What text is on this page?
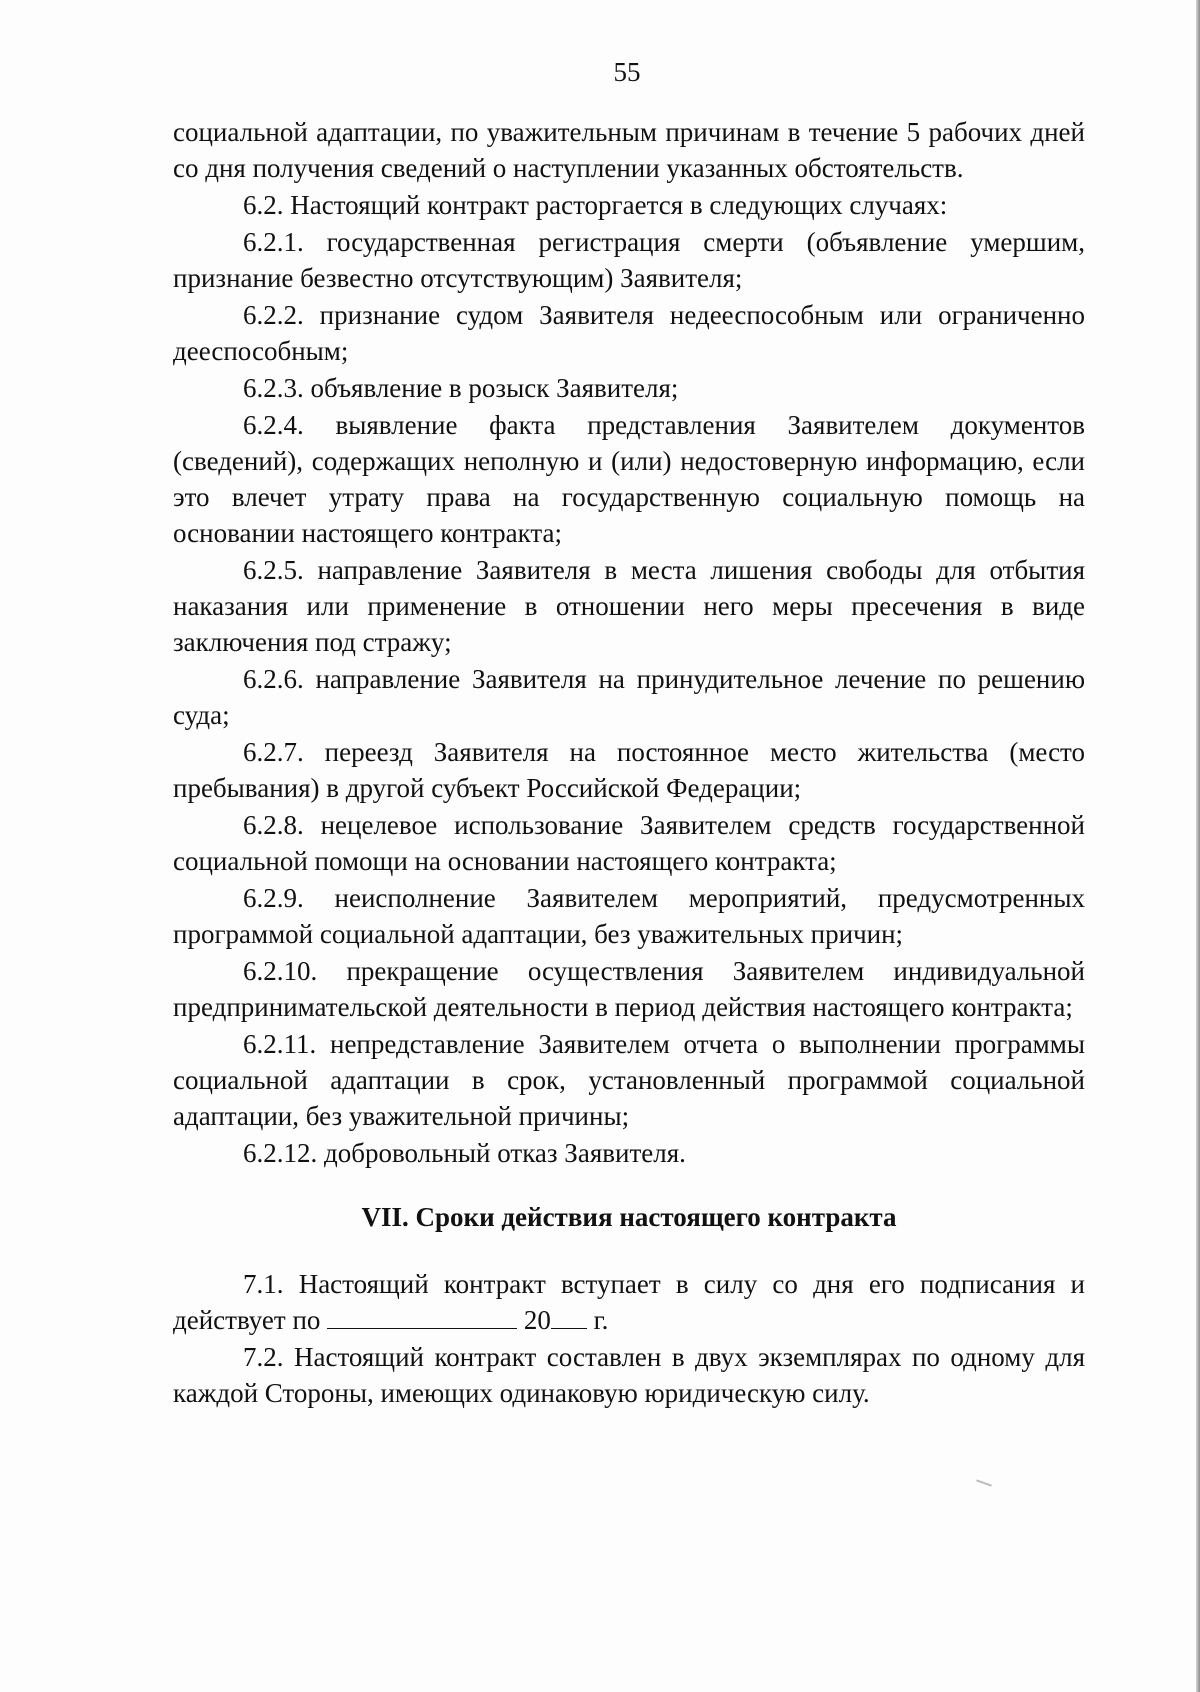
55

социальной адаптации, по уважительным причинам в течение 5 рабочих дней со дня получения сведений о наступлении указанных обстоятельств.

6.2. Настоящий контракт расторгается в следующих случаях:

6.2.1. государственная регистрация смерти (объявление умершим, признание безвестно отсутствующим) Заявителя;

6.2.2. признание судом Заявителя недееспособным или ограниченно дееспособным;

6.2.3. объявление в розыск Заявителя;

6.2.4. выявление факта представления Заявителем документов (сведений), содержащих неполную и (или) недостоверную информацию, если это влечет утрату права на государственную социальную помощь на основании настоящего контракта;

6.2.5. направление Заявителя в места лишения свободы для отбытия наказания или применение в отношении него меры пресечения в виде заключения под стражу;

6.2.6. направление Заявителя на принудительное лечение по решению суда;

6.2.7. переезд Заявителя на постоянное место жительства (место пребывания) в другой субъект Российской Федерации;

6.2.8. нецелевое использование Заявителем средств государственной социальной помощи на основании настоящего контракта;

6.2.9. неисполнение Заявителем мероприятий, предусмотренных программой социальной адаптации, без уважительных причин;

6.2.10. прекращение осуществления Заявителем индивидуальной предпринимательской деятельности в период действия настоящего контракта;

6.2.11. непредставление Заявителем отчета о выполнении программы социальной адаптации в срок, установленный программой социальной адаптации, без уважительной причины;

6.2.12. добровольный отказ Заявителя.

VII. Сроки действия настоящего контракта

7.1. Настоящий контракт вступает в силу со дня его подписания и действует по	20 г.

7.2. Настоящий контракт составлен в двух экземплярах по одному для каждой Стороны, имеющих одинаковую юридическую силу.
